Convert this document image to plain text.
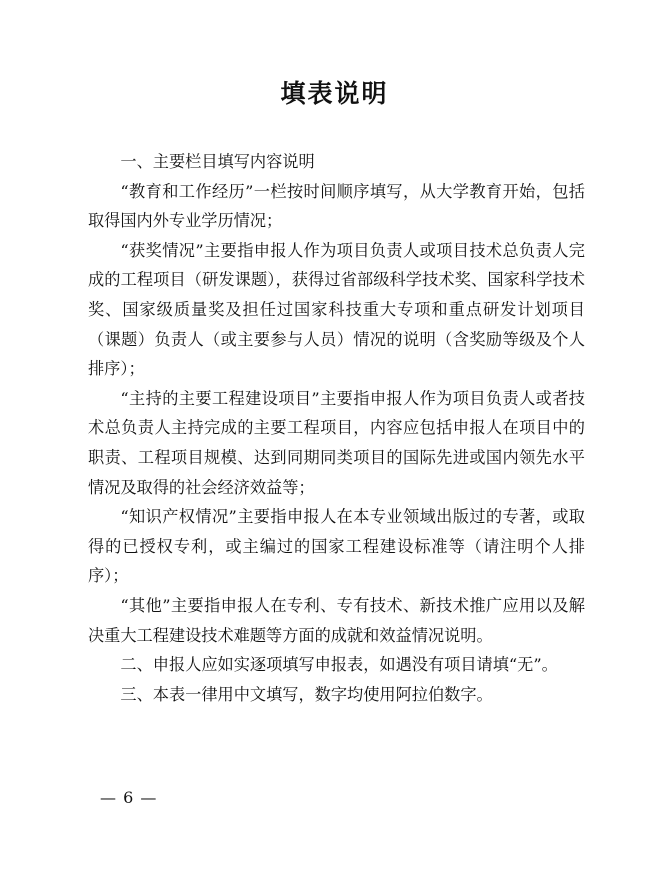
填表说明

一、主要栏目填写内容说明

“教育和工作经历”一栏按时间顺序填写，从大学教育开始，包括取得国内外专业学历情况；

“获奖情况”主要指申报人作为项目负责人或项目技术总负责人完成的工程项目（研发课题），获得过省部级科学技术奖、国家科学技术奖、国家级质量奖及担任过国家科技重大专项和重点研发计划项目（课题）负责人（或主要参与人员）情况的说明（含奖励等级及个人排序）；

“主持的主要工程建设项目”主要指申报人作为项目负责人或者技术总负责人主持完成的主要工程项目，内容应包括申报人在项目中的职责、工程项目规模、达到同期同类项目的国际先进或国内领先水平情况及取得的社会经济效益等；

“知识产权情况”主要指申报人在本专业领域出版过的专著，或取得的已授权专利，或主编过的国家工程建设标准等（请注明个人排序）；

“其他”主要指申报人在专利、专有技术、新技术推广应用以及解决重大工程建设技术难题等方面的成就和效益情况说明。

二、申报人应如实逐项填写申报表，如遇没有项目请填“无”。

三、本表一律用中文填写，数字均使用阿拉伯数字。

— 6 —
